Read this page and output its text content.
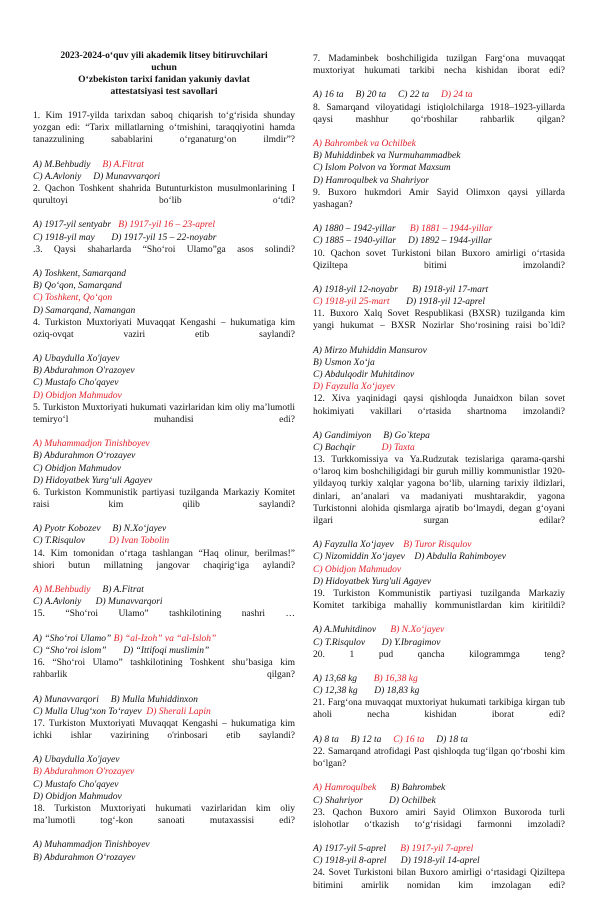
2023-2024-o‘quv yili akademik litsey bitiruvchilari
uchun
O‘zbekiston tarixi fanidan yakuniy davlat
attestatsiyasi test savollari
1. Kim 1917-yilda tarixdan saboq chiqarish to‘g‘risida shunday yozgan edi: “Tarix millatlarning o‘tmishini, taraqqiyotini hamda tanazzulining sabablarini o‘rganaturg‘on ilmdir”?
A) M.Behbudiy     B) A.Fitrat
C) A.Avloniy     D) Munavvarqori
2. Qachon Toshkent shahrida Butunturkiston musulmonlarining I qurultoyi bo‘lib o‘tdi?
A) 1917-yil sentyabr   B) 1917-yil 16 – 23-aprel
C) 1918-yil may       D) 1917-yil 15 – 22-noyabr
.3. Qaysi shaharlarda “Sho‘roi Ulamo”ga asos solindi?
A) Toshkent, Samarqand
B) Qo‘qon, Samarqand
C) Toshkent, Qo‘qon
D) Samarqand, Namangan
4. Turkiston Muxtoriyati Muvaqqat Kengashi – hukumatiga kim oziq-ovqat vaziri etib saylandi?
A) Ubaydulla Xo'jayev
B) Abdurahmon O'razoyev
C) Mustafo Cho'qayev
D) Obidjon Mahmudov
5. Turkiston Muxtoriyati hukumati vazirlaridan kim oliy ma’lumotli temiryo‘l muhandisi edi?
A) Muhammadjon Tinishboyev
B) Abdurahmon O‘rozayev
C) Obidjon Mahmudov
D) Hidoyatbek Yurg‘uli Agayev
6. Turkiston Kommunistik partiyasi tuzilganda Markaziy Komitet raisi kim qilib saylandi?
A) Pyotr Kobozev     B) N.Xo‘jayev
C) T.Risqulov          D) Ivan Tobolin
14. Kim tomonidan o‘rtaga tashlangan “Haq olinur, berilmas!” shiori butun millatning jangovar chaqirig‘iga aylandi?
A) M.Behbudiy     B) A.Fitrat
C) A.Avloniy      D) Munavvarqori
15. “Sho‘roi Ulamo” tashkilotining nashri …
A) “Sho‘roi Ulamo” B) “al-Izoh” va “al-Isloh”
C) “Sho‘roi islom”       D) “Ittifoqi muslimin”
16. “Sho‘roi Ulamo” tashkilotining Toshkent shu’basiga kim rahbarlik qilgan?
A) Munavvarqori     B) Mulla Muhiddinxon
C) Mulla Ulug‘xon To‘rayev  D) Sherali Lapin
17. Turkiston Muxtoriyati Muvaqqat Kengashi – hukumatiga kim ichki ishlar vazirining o'rinbosari etib saylandi?
A) Ubaydulla Xo'jayev
B) Abdurahmon O'rozayev
C) Mustafo Cho'qayev
D) Obidjon Mahmudov
18. Turkiston Muxtoriyati hukumati vazirlaridan kim oliy ma’lumotli tog‘-kon sanoati mutaxassisi edi?
A) Muhammadjon Tinishboyev
B) Abdurahmon O‘rozayev
7. Madaminbek boshchiligida tuzilgan Farg‘ona muvaqqat muxtoriyat hukumati tarkibi necha kishidan iborat edi?
A) 16 ta     B) 20 ta     C) 22 ta     D) 24 ta
8. Samarqand viloyatidagi istiqlolchilarga 1918–1923-yillarda qaysi mashhur qo‘rboshilar rahbarlik qilgan?
A) Bahrombek va Ochilbek
B) Muhiddinbek va Nurmuhammadbek
C) Islom Polvon va Yormat Maxsum
D) Hamroqulbek va Shahriyor
9. Buxoro hukmdori Amir Sayid Olimxon qaysi yillarda yashagan?
A) 1880 – 1942-yillar      B) 1881 – 1944-yillar
C) 1885 – 1940-yillar     D) 1892 – 1944-yillar
10. Qachon sovet Turkistoni bilan Buxoro amirligi o‘rtasida Qiziltepa bitimi imzolandi?
A) 1918-yil 12-noyabr      B) 1918-yil 17-mart
C) 1918-yil 25-mart       D) 1918-yil 12-aprel
11. Buxoro Xalq Sovet Respublikasi (BXSR) tuzilganda kim yangi hukumat – BXSR Nozirlar Sho‘rosining raisi bo`ldi?
A) Mirzo Muhiddin Mansurov
B) Usmon Xo‘ja
C) Abdulqodir Muhitdinov
D) Fayzulla Xo‘jayev
12. Xiva yaqinidagi qaysi qishloqda Junaidxon bilan sovet hokimiyati vakillari o‘rtasida shartnoma imzolandi?
A) Gandimiyon     B) Go`ktepa
C) Bachqir           D) Taxta
13. Turkkomissiya va Ya.Rudzutak tezislariga qarama-qarshi o‘laroq kim boshchiligidagi bir guruh milliy kommunistlar 1920-yildayoq turkiy xalqlar yagona bo‘lib, ularning tarixiy ildizlari, dinlari, an’analari va madaniyati mushtarakdir, yagona Turkistonni alohida qismlarga ajratib bo‘lmaydi, degan g‘oyani ilgari surgan edilar?
A) Fayzulla Xo‘jayev    B) Turor Risqulov
C) Nizomiddin Xo‘jayev    D) Abdulla Rahimboyev
C) Obidjon Mahmudov
D) Hidoyatbek Yurg'uli Agayev
19. Turkiston Kommunistik partiyasi tuzilganda Markaziy Komitet tarkibiga mahalliy kommunistlardan kim kiritildi?
A) A.Muhitdinov      B) N.Xo‘jayev
C) T.Risqulov       D) Y.Ibragimov
20. 1 pud qancha kilogrammga teng?
A) 13,68 kg       B) 16,38 kg
C) 12,38 kg       D) 18,83 kg
21. Farg‘ona muvaqqat muxtoriyat hukumati tarkibiga kirgan tub aholi necha kishidan iborat edi?
A) 8 ta     B) 12 ta     C) 16 ta     D) 18 ta
22. Samarqand atrofidagi Past qishloqda tug‘ilgan qo‘rboshi kim bo‘lgan?
A) Hamroqulbek      B) Bahrombek
C) Shahriyor           D) Ochilbek
23. Qachon Buxoro amiri Sayid Olimxon Buxoroda turli islohotlar o‘tkazish to‘g‘risidagi farmonni imzoladi?
A) 1917-yil 5-aprel      B) 1917-yil 7-aprel
C) 1918-yil 8-aprel      D) 1918-yil 14-aprel
24. Sovet Turkistoni bilan Buxoro amirligi o‘rtasidagi Qiziltepa bitimini amirlik nomidan kim imzolagan edi?
